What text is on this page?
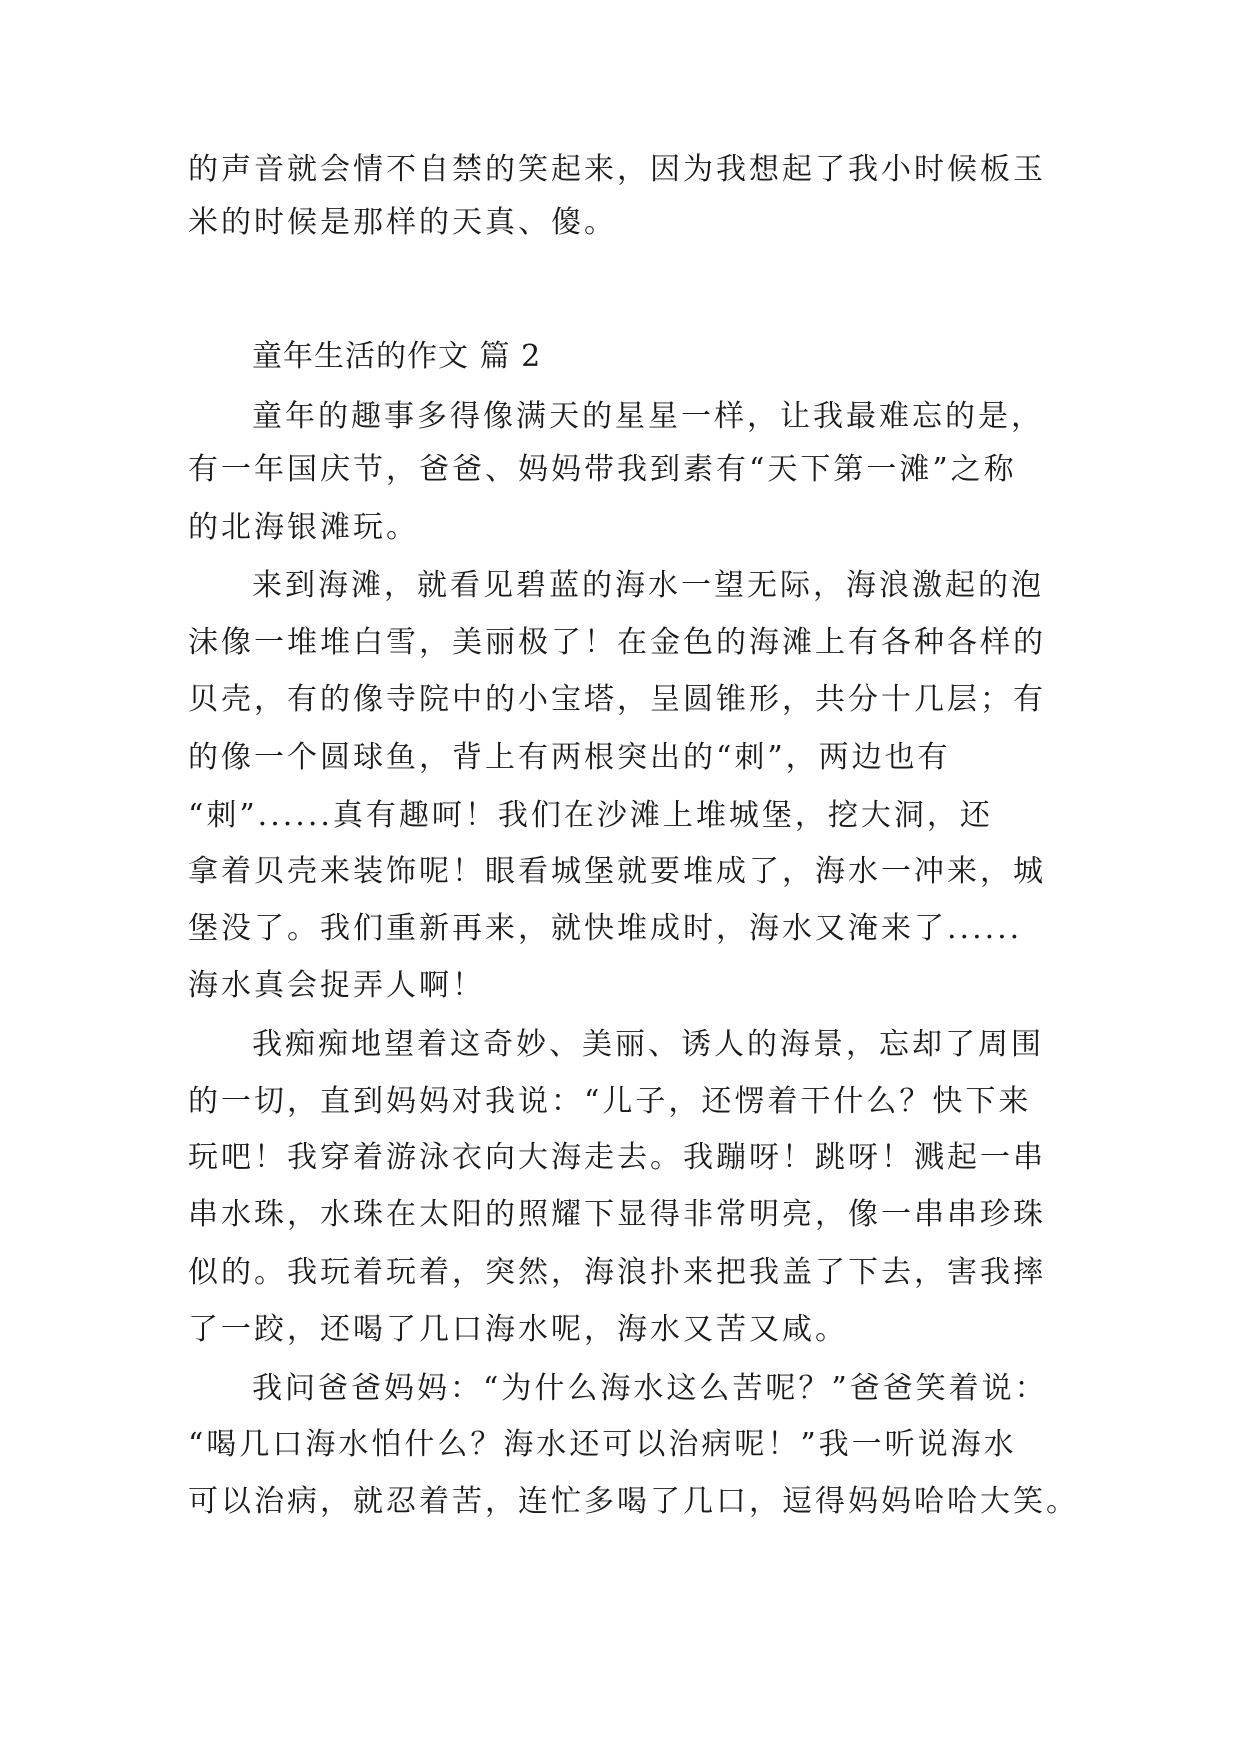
的声音就会情不自禁的笑起来，因为我想起了我小时候板玉
米的时候是那样的天真、傻。
童年生活的作文 篇 2
童年的趣事多得像满天的星星一样，让我最难忘的是，
有一年国庆节，爸爸、妈妈带我到素有“天下第一滩”之称
的北海银滩玩。
来到海滩，就看见碧蓝的海水一望无际，海浪激起的泡
沫像一堆堆白雪，美丽极了！在金色的海滩上有各种各样的
贝壳，有的像寺院中的小宝塔，呈圆锥形，共分十几层；有
的像一个圆球鱼，背上有两根突出的“刺”，两边也有
“刺”......真有趣呵！我们在沙滩上堆城堡，挖大洞，还
拿着贝壳来装饰呢！眼看城堡就要堆成了，海水一冲来，城
堡没了。我们重新再来，就快堆成时，海水又淹来了......
海水真会捉弄人啊！
我痴痴地望着这奇妙、美丽、诱人的海景，忘却了周围
的一切，直到妈妈对我说：“儿子，还愣着干什么？快下来
玩吧！我穿着游泳衣向大海走去。我蹦呀！跳呀！溅起一串
串水珠，水珠在太阳的照耀下显得非常明亮，像一串串珍珠
似的。我玩着玩着，突然，海浪扑来把我盖了下去，害我摔
了一跤，还喝了几口海水呢，海水又苦又咸。
我问爸爸妈妈：“为什么海水这么苦呢？”爸爸笑着说：
“喝几口海水怕什么？海水还可以治病呢！”我一听说海水
可以治病，就忍着苦，连忙多喝了几口，逗得妈妈哈哈大笑。
